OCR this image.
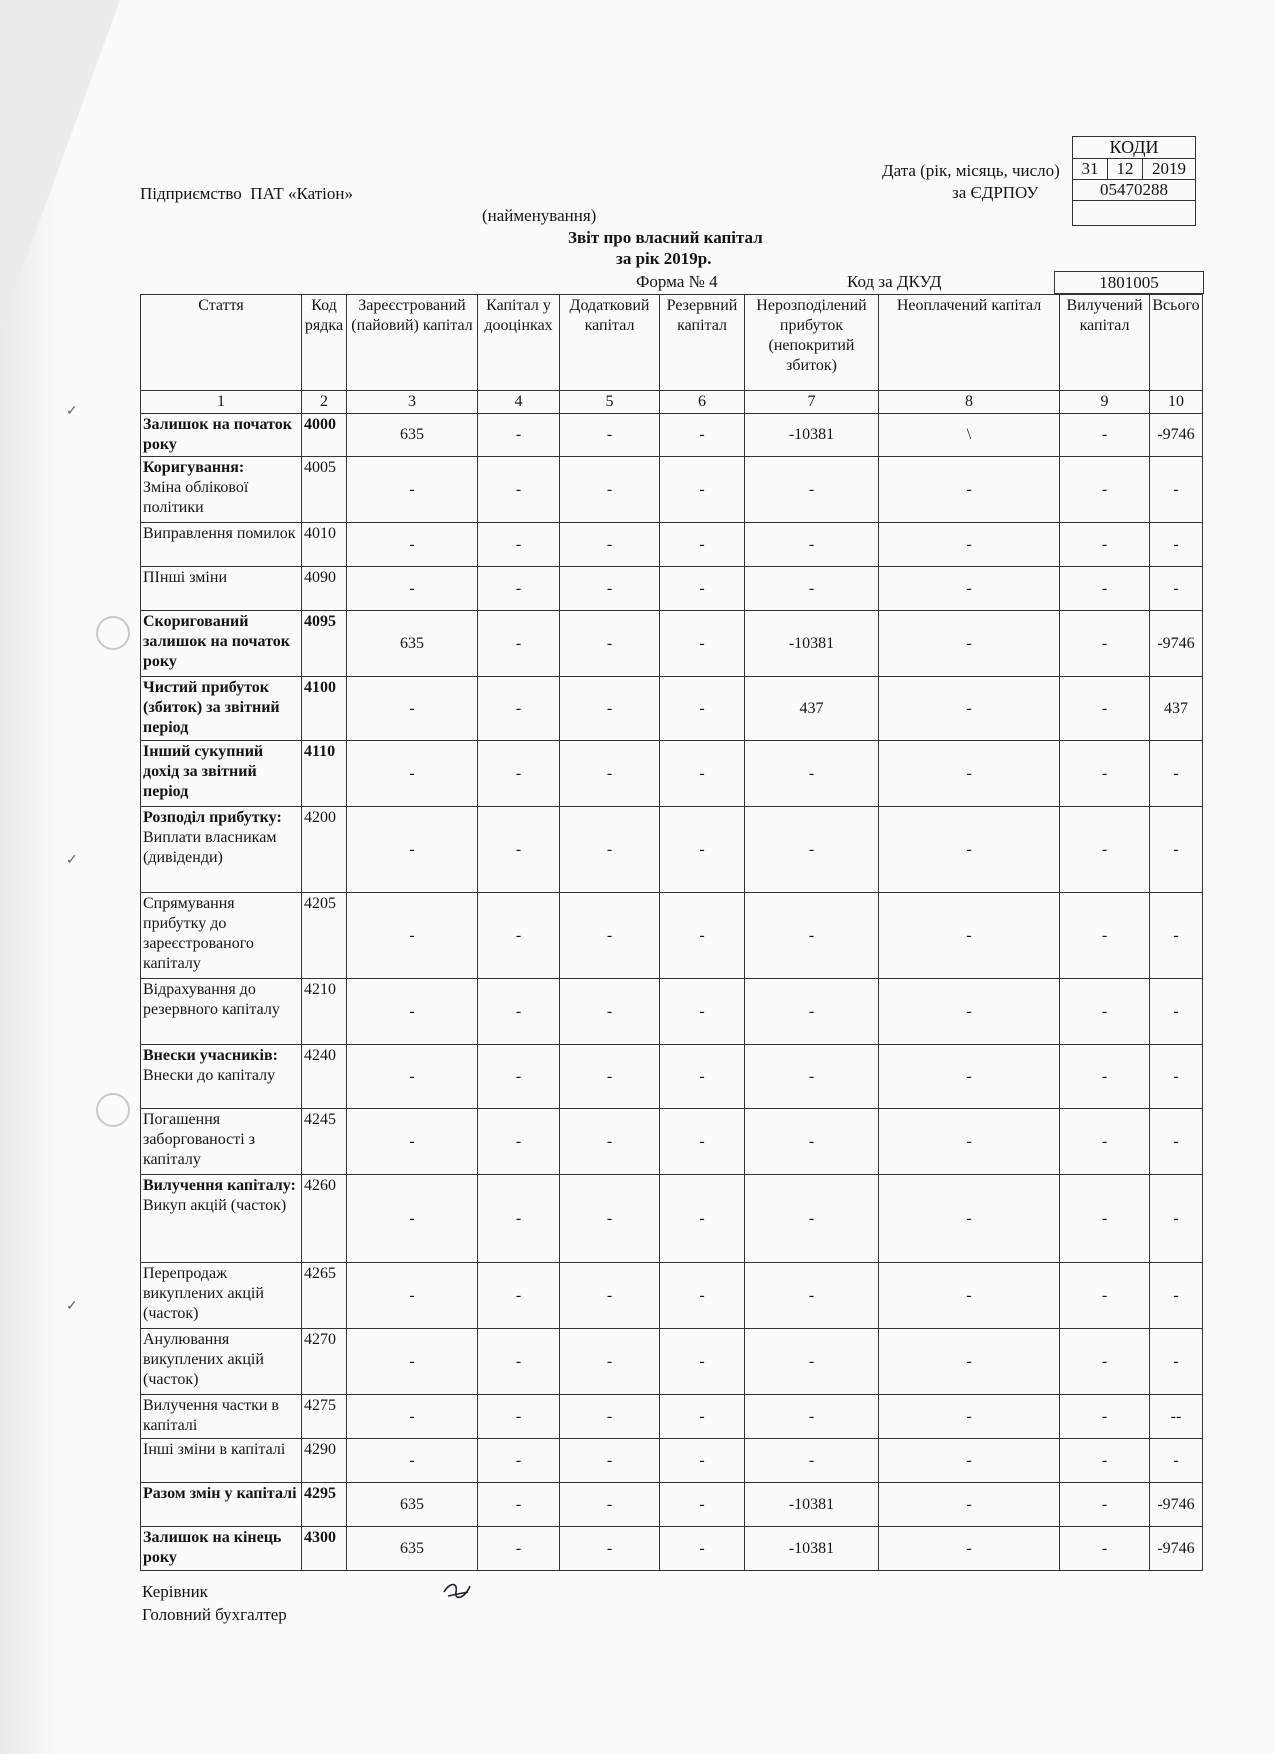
✓
✓
✓
Підприємство ПАТ «Катіон»
(найменування)
Дата (рік, місяць, число)
за ЄДРПОУ
КОДИ
31	12	2019
05470288

Звіт про власний капітал
за рік 2019р.
Форма № 4	Код за ДКУД	1801005
Стаття	Код рядка	Зареєстрований (пайовий) капітал	Капітал у дооцінках	Додатковий капітал	Резервний капітал	Нерозподілений прибуток (непокритий збиток)	Неоплачений капітал	Вилучений капітал	Всього
1	2	3	4	5	6	7	8	9	10

Залишок на початок року	4000	635	-	-	-	-10381	\	-	-9746

Коригування:
Зміна облікової політики	4005	-	-	-	-	-	-	-	-

Виправлення помилок	4010	-	-	-	-	-	-	-	-

ПІнші зміни	4090	-	-	-	-	-	-	-	-

Скоригований залишок на початок року	4095	635	-	-	-	-10381	-	-	-9746

Чистий прибуток (збиток) за звітний період	4100	-	-	-	-	437	-	-	437

Інший сукупний дохід за звітний період	4110	-	-	-	-	-	-	-	-

Розподіл прибутку:
Виплати власникам (дивіденди)	4200	-	-	-	-	-	-	-	-

Спрямування прибутку до зареєстрованого капіталу	4205	-	-	-	-	-	-	-	-

Відрахування до резервного капіталу	4210	-	-	-	-	-	-	-	-

Внески учасників:
Внески до капіталу	4240	-	-	-	-	-	-	-	-

Погашення заборгованості з капіталу	4245	-	-	-	-	-	-	-	-

Вилучення капіталу:
Викуп акцій (часток)	4260	-	-	-	-	-	-	-	-

Перепродаж викуплених акцій (часток)	4265	-	-	-	-	-	-	-	-

Анулювання викуплених акцій (часток)	4270	-	-	-	-	-	-	-	-

Вилучення частки в капіталі	4275	-	-	-	-	-	-	-	--

Інші зміни в капіталі	4290	-	-	-	-	-	-	-	-

Разом змін у капіталі	4295	635	-	-	-	-10381	-	-	-9746

Залишок на кінець року	4300	635	-	-	-	-10381	-	-	-9746
Керівник
Головний бухгалтер
